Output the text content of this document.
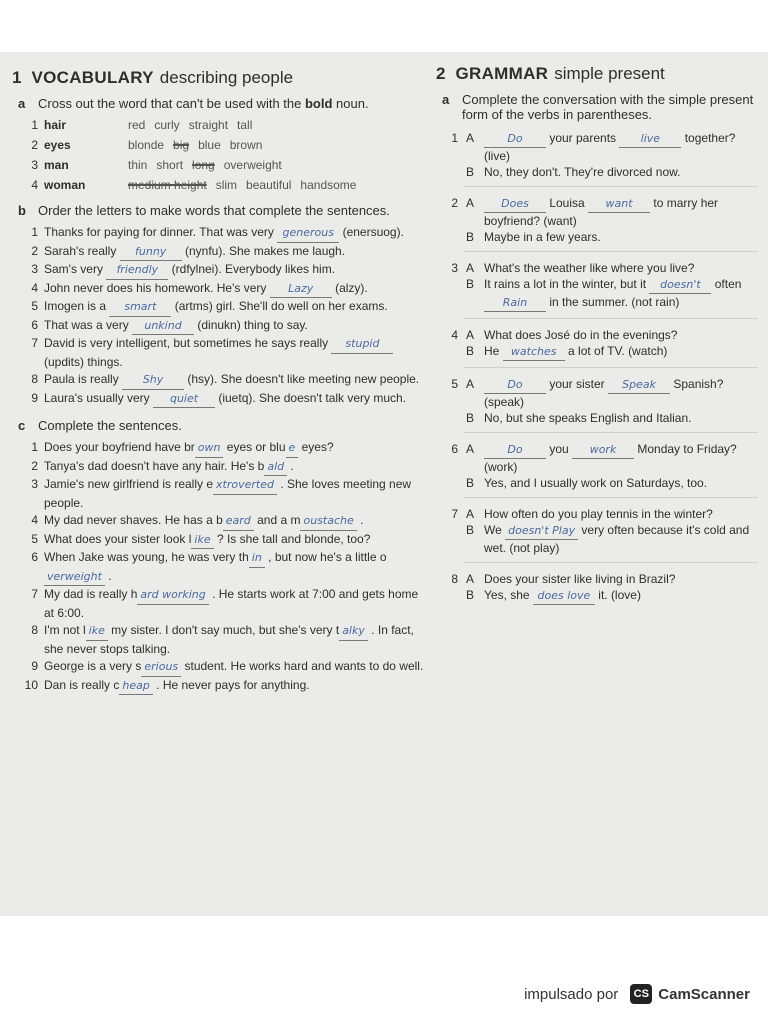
1 VOCABULARY describing people
a Cross out the word that can't be used with the bold noun.
1 hair	red curly straight tall
2 eyes	blonde big blue brown
3 man	thin short long overweight
4 woman	medium height slim beautiful handsome
b Order the letters to make words that complete the sentences.
1 Thanks for paying for dinner. That was very generous (enersuog).
2 Sarah's really funny (nynfu). She makes me laugh.
3 Sam's very friendly (rdfylnei). Everybody likes him.
4 John never does his homework. He's very Lazy (alzy).
5 Imogen is a smart (artms) girl. She'll do well on her exams.
6 That was a very unkind (dinukn) thing to say.
7 David is very intelligent, but sometimes he says really stupid (updits) things.
8 Paula is really Shy (hsy). She doesn't like meeting new people.
9 Laura's usually very quiet (iuetq). She doesn't talk very much.
c Complete the sentences.
1 Does your boyfriend have br own eyes or blu e eyes?
2 Tanya's dad doesn't have any hair. He's b ald .
3 Jamie's new girlfriend is really e xtroverted . She loves meeting new people.
4 My dad never shaves. He has a b eard and a m oustache .
5 What does your sister look l ike ? Is she tall and blonde, too?
6 When Jake was young, he was very th in , but now he's a little overweight .
7 My dad is really h ard working . He starts work at 7:00 and gets home at 6:00.
8 I'm not l ike my sister. I don't say much, but she's very t alky . In fact, she never stops talking.
9 George is a very s erious student. He works hard and wants to do well.
10 Dan is really c heap . He never pays for anything.
2 GRAMMAR simple present
a Complete the conversation with the simple present form of the verbs in parentheses.
1 A	Do your parents live together? (live)
B No, they don't. They're divorced now.
2 A	Does Louisa want to marry her boyfriend? (want)
B Maybe in a few years.
3 A What's the weather like where you live?
B It rains a lot in the winter, but it doesn't often Rain in the summer. (not rain)
4 A What does José do in the evenings?
B He watches a lot of TV. (watch)
5 A	Do your sister Speak Spanish? (speak)
B No, but she speaks English and Italian.
6 A	Do you work Monday to Friday? (work)
B Yes, and I usually work on Saturdays, too.
7 A How often do you play tennis in the winter?
B We doesn't Play very often because it's cold and wet. (not play)
8 A Does your sister like living in Brazil?
B Yes, she does love it. (love)
impulsado por	CS CamScanner
